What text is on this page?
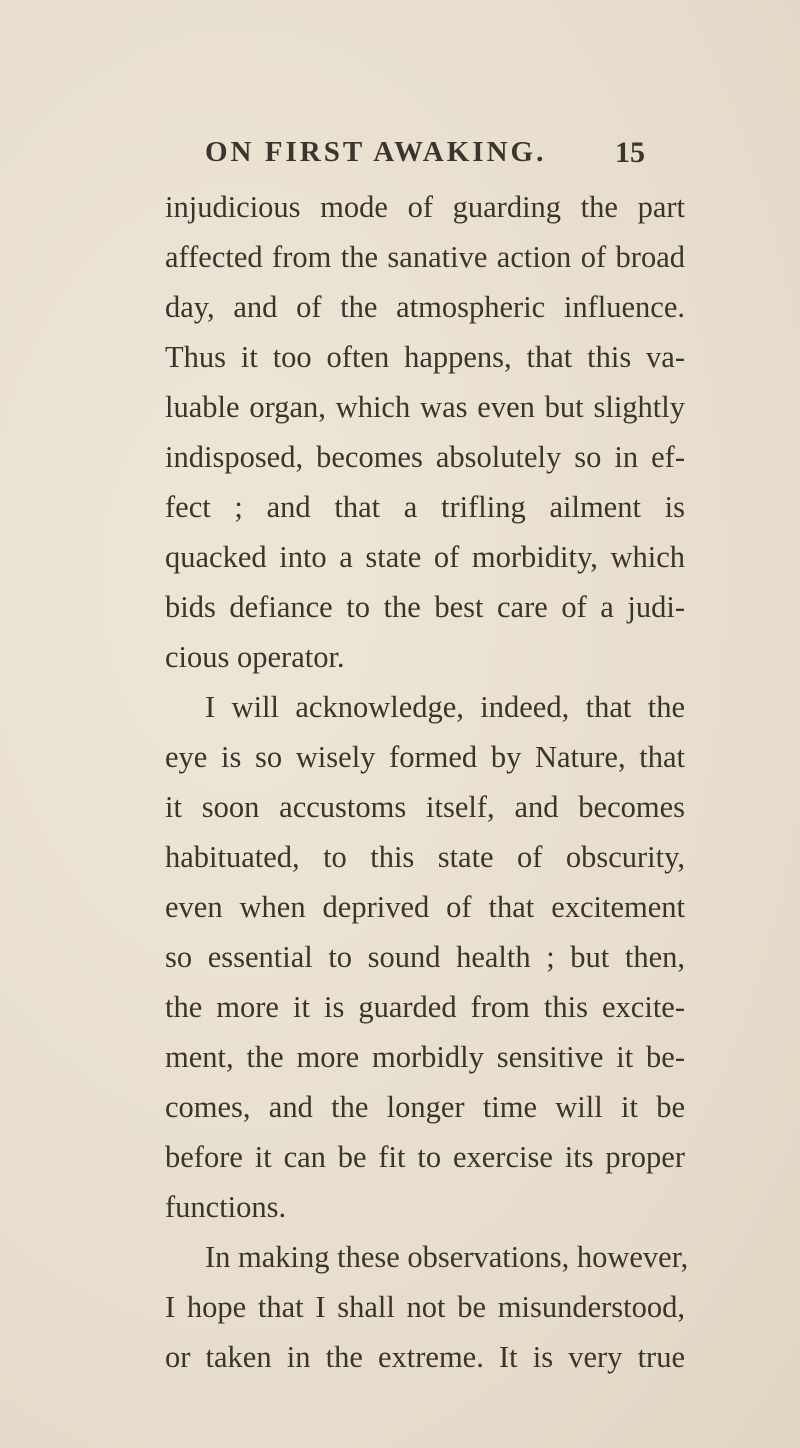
ON FIRST AWAKING. 15
injudicious mode of guarding the part
affected from the sanative action of broad
day, and of the atmospheric influence.
Thus it too often happens, that this va-
luable organ, which was even but slightly
indisposed, becomes absolutely so in ef-
fect ; and that a trifling ailment is
quacked into a state of morbidity, which
bids defiance to the best care of a judi-
cious operator.
I will acknowledge, indeed, that the
eye is so wisely formed by Nature, that
it soon accustoms itself, and becomes
habituated, to this state of obscurity,
even when deprived of that excitement
so essential to sound health ; but then,
the more it is guarded from this excite-
ment, the more morbidly sensitive it be-
comes, and the longer time will it be
before it can be fit to exercise its proper
functions.
In making these observations, however,
I hope that I shall not be misunderstood,
or taken in the extreme. It is very true
